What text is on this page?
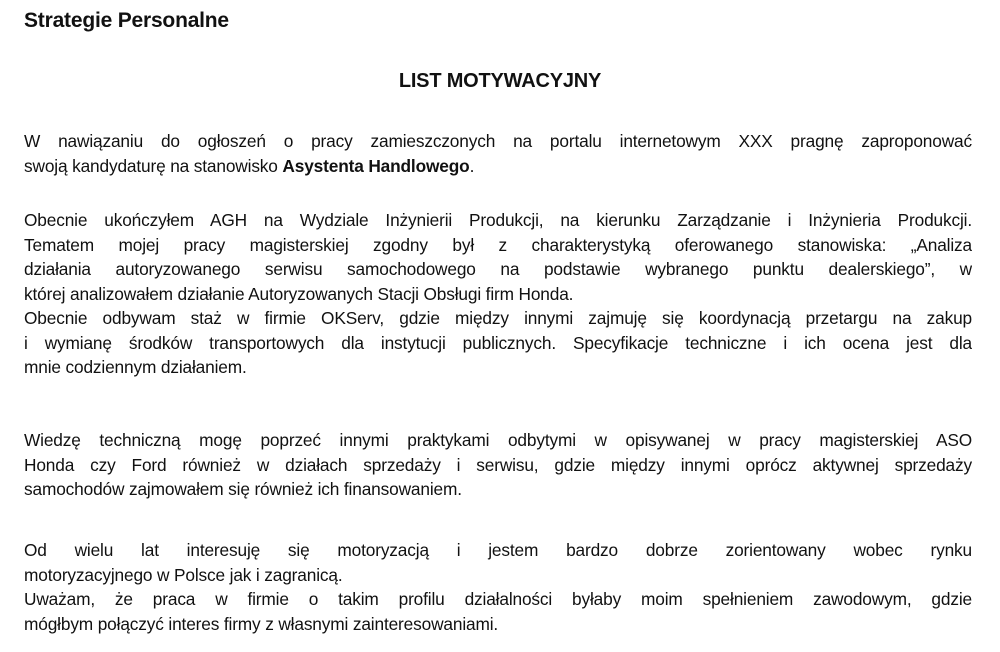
Strategie Personalne
LIST MOTYWACYJNY
W nawiązaniu do ogłoszeń o pracy zamieszczonych na portalu internetowym XXX pragnę zaproponować
swoją kandydaturę na stanowisko Asystenta Handlowego.
Obecnie ukończyłem AGH na Wydziale Inżynierii Produkcji, na kierunku Zarządzanie i Inżynieria Produkcji.
Tematem mojej pracy magisterskiej zgodny był z charakterystyką oferowanego stanowiska: „Analiza
działania autoryzowanego serwisu samochodowego na podstawie wybranego punktu dealerskiego”, w
której analizowałem działanie Autoryzowanych Stacji Obsługi firm Honda.
Obecnie odbywam staż w firmie OKServ, gdzie między innymi zajmuję się koordynacją przetargu na zakup
i wymianę środków transportowych dla instytucji publicznych. Specyfikacje techniczne i ich ocena jest dla
mnie codziennym działaniem.
Wiedzę techniczną mogę poprzeć innymi praktykami odbytymi w opisywanej w pracy magisterskiej ASO
Honda czy Ford również w działach sprzedaży i serwisu, gdzie między innymi oprócz aktywnej sprzedaży
samochodów zajmowałem się również ich finansowaniem.
Od wielu lat interesuję się motoryzacją i jestem bardzo dobrze zorientowany wobec rynku
motoryzacyjnego w Polsce jak i zagranicą.
Uważam, że praca w firmie o takim profilu działalności byłaby moim spełnieniem zawodowym, gdzie
mógłbym połączyć interes firmy z własnymi zainteresowaniami.
